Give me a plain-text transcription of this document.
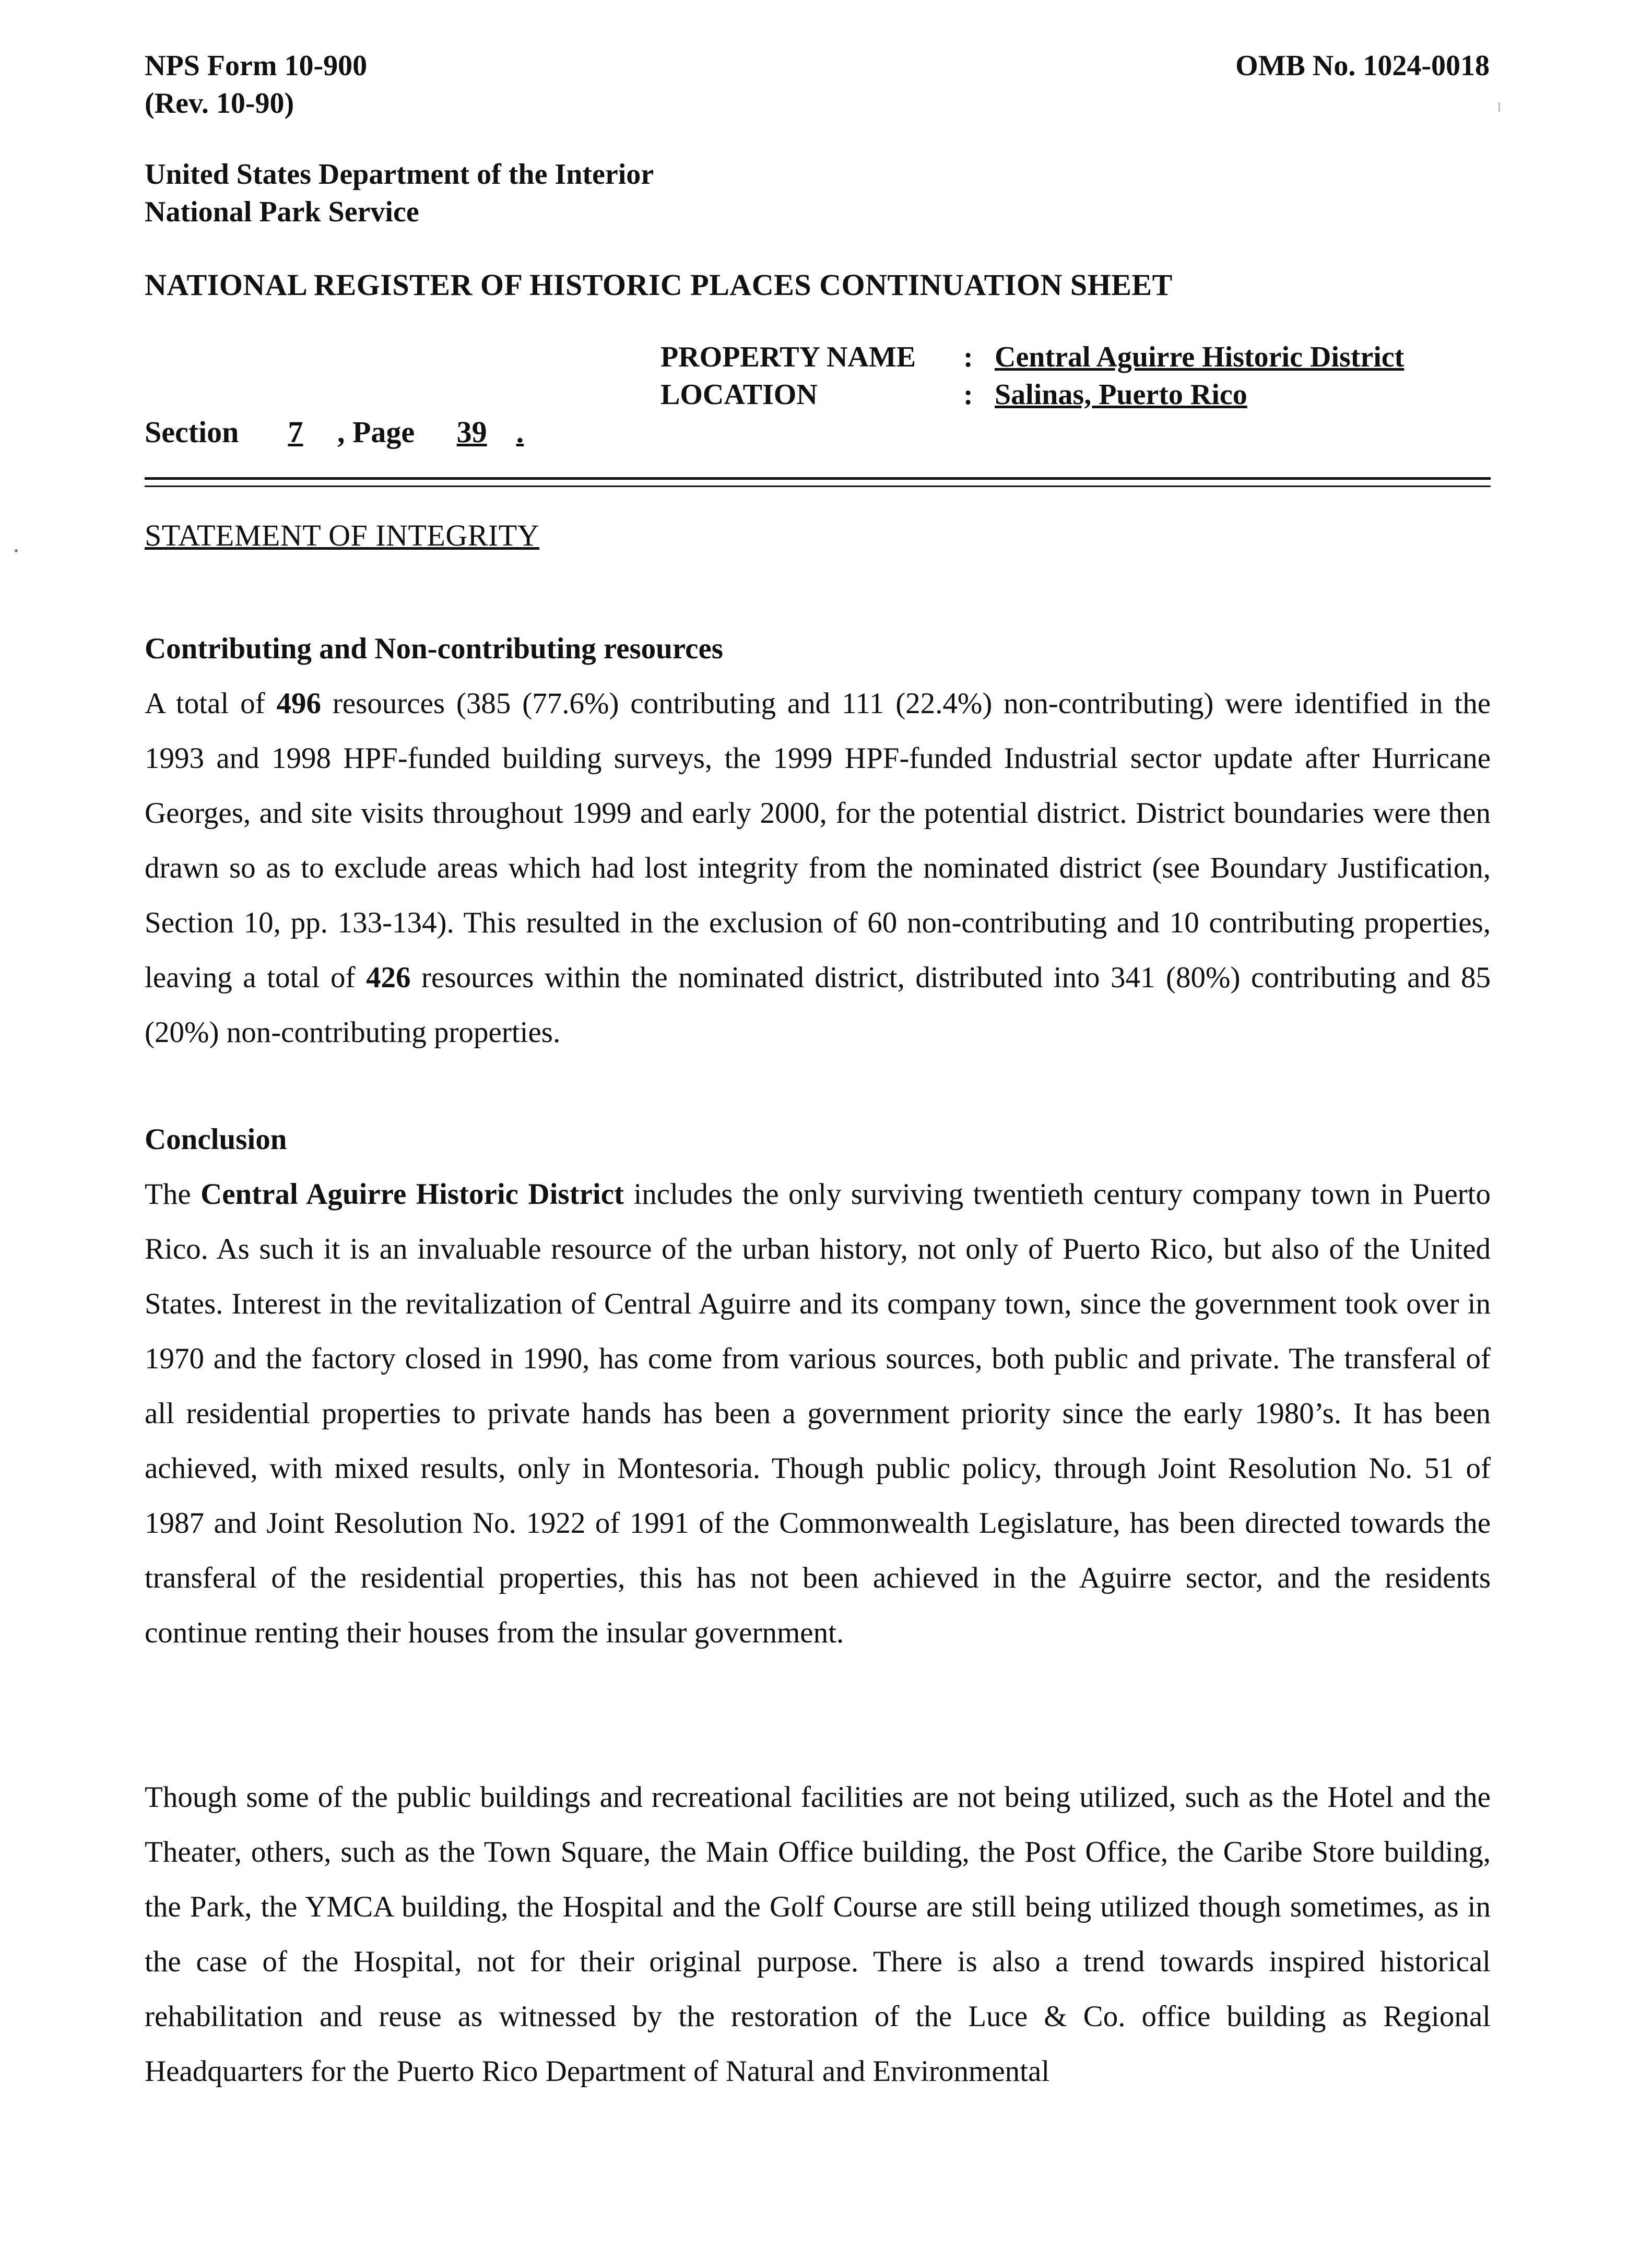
NPS Form 10-900
(Rev. 10-90)
OMB No. 1024-0018
United States Department of the Interior
National Park Service
NATIONAL REGISTER OF HISTORIC PLACES CONTINUATION SHEET
PROPERTY NAME	: Central Aguirre Historic District
LOCATION	: Salinas, Puerto Rico
Section 7 , Page 39 .
STATEMENT OF INTEGRITY

Contributing and Non-contributing resources

A total of 496 resources (385 (77.6%) contributing and 111 (22.4%) non-contributing) were identified in the 1993 and 1998 HPF-funded building surveys, the 1999 HPF-funded Industrial sector update after Hurricane Georges, and site visits throughout 1999 and early 2000, for the potential district. District boundaries were then drawn so as to exclude areas which had lost integrity from the nominated district (see Boundary Justification, Section 10, pp. 133-134). This resulted in the exclusion of 60 non-contributing and 10 contributing properties, leaving a total of 426 resources within the nominated district, distributed into 341 (80%) contributing and 85 (20%) non-contributing properties.

Conclusion

The Central Aguirre Historic District includes the only surviving twentieth century company town in Puerto Rico. As such it is an invaluable resource of the urban history, not only of Puerto Rico, but also of the United States. Interest in the revitalization of Central Aguirre and its company town, since the government took over in 1970 and the factory closed in 1990, has come from various sources, both public and private. The transferal of all residential properties to private hands has been a government priority since the early 1980’s. It has been achieved, with mixed results, only in Montesoria. Though public policy, through Joint Resolution No. 51 of 1987 and Joint Resolution No. 1922 of 1991 of the Commonwealth Legislature, has been directed towards the transferal of the residential properties, this has not been achieved in the Aguirre sector, and the residents continue renting their houses from the insular government.

Though some of the public buildings and recreational facilities are not being utilized, such as the Hotel and the Theater, others, such as the Town Square, the Main Office building, the Post Office, the Caribe Store building, the Park, the YMCA building, the Hospital and the Golf Course are still being utilized though sometimes, as in the case of the Hospital, not for their original purpose. There is also a trend towards inspired historical rehabilitation and reuse as witnessed by the restoration of the Luce & Co. office building as Regional Headquarters for the Puerto Rico Department of Natural and Environmental
